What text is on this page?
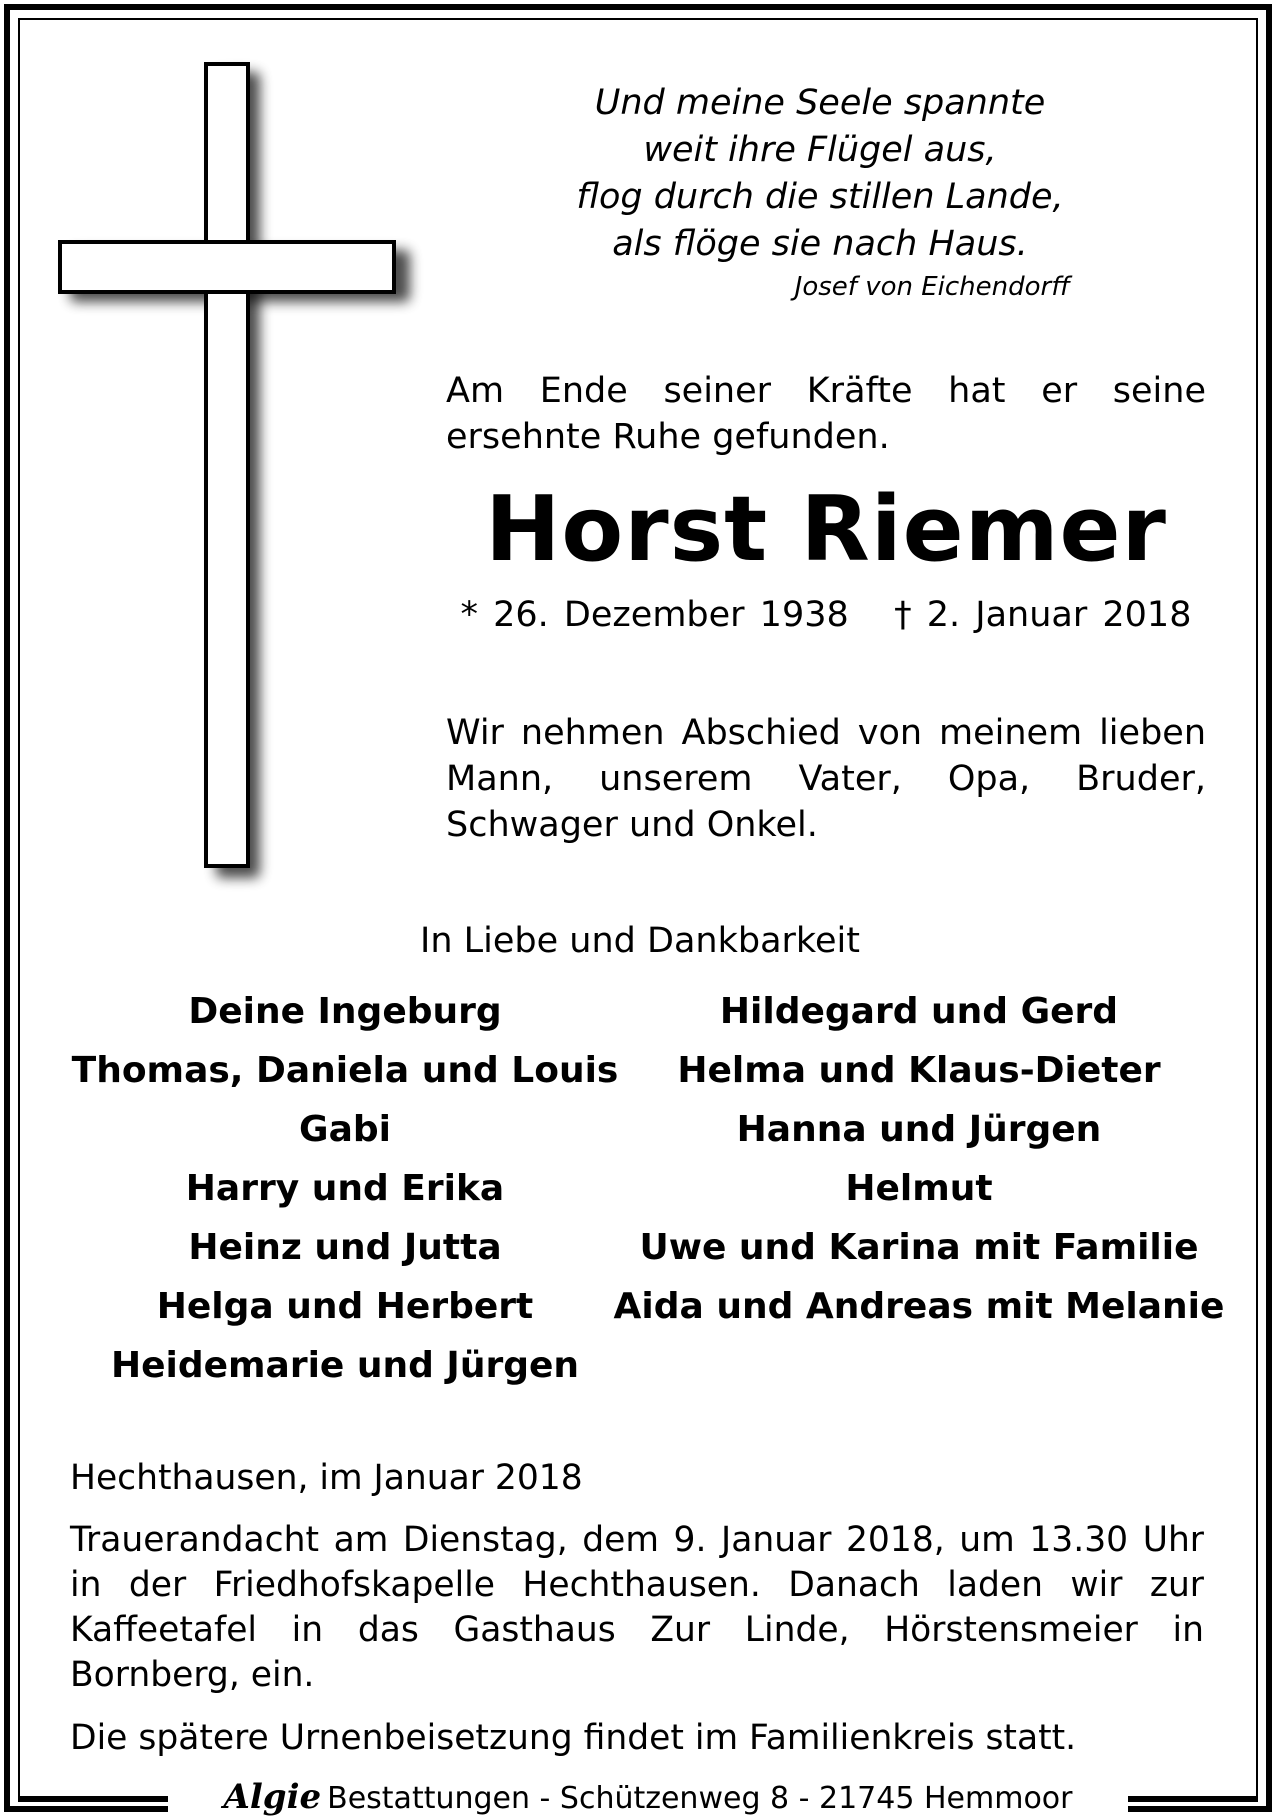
Und meine Seele spannte
weit ihre Flügel aus,
flog durch die stillen Lande,
als flöge sie nach Haus.
Josef von Eichendorff
Am Ende seiner Kräfte hat er seine ersehnte Ruhe gefunden.
Horst Riemer
* 26. Dezember 1938 † 2. Januar 2018
Wir nehmen Abschied von meinem lieben Mann, unserem Vater, Opa, Bruder, Schwager und Onkel.
In Liebe und Dankbarkeit
Deine Ingeburg
Thomas, Daniela und Louis
Gabi
Harry und Erika
Heinz und Jutta
Helga und Herbert
Heidemarie und Jürgen
Hildegard und Gerd
Helma und Klaus-Dieter
Hanna und Jürgen
Helmut
Uwe und Karina mit Familie
Aida und Andreas mit Melanie
Hechthausen, im Januar 2018
Trauerandacht am Dienstag, dem 9. Januar 2018, um 13.30 Uhr in der Friedhofskapelle Hechthausen. Danach laden wir zur Kaffeetafel in das Gasthaus Zur Linde, Hörstensmeier in Bornberg, ein.
Die spätere Urnenbeisetzung findet im Familienkreis statt.
Algie Bestattungen - Schützenweg 8 - 21745 Hemmoor
